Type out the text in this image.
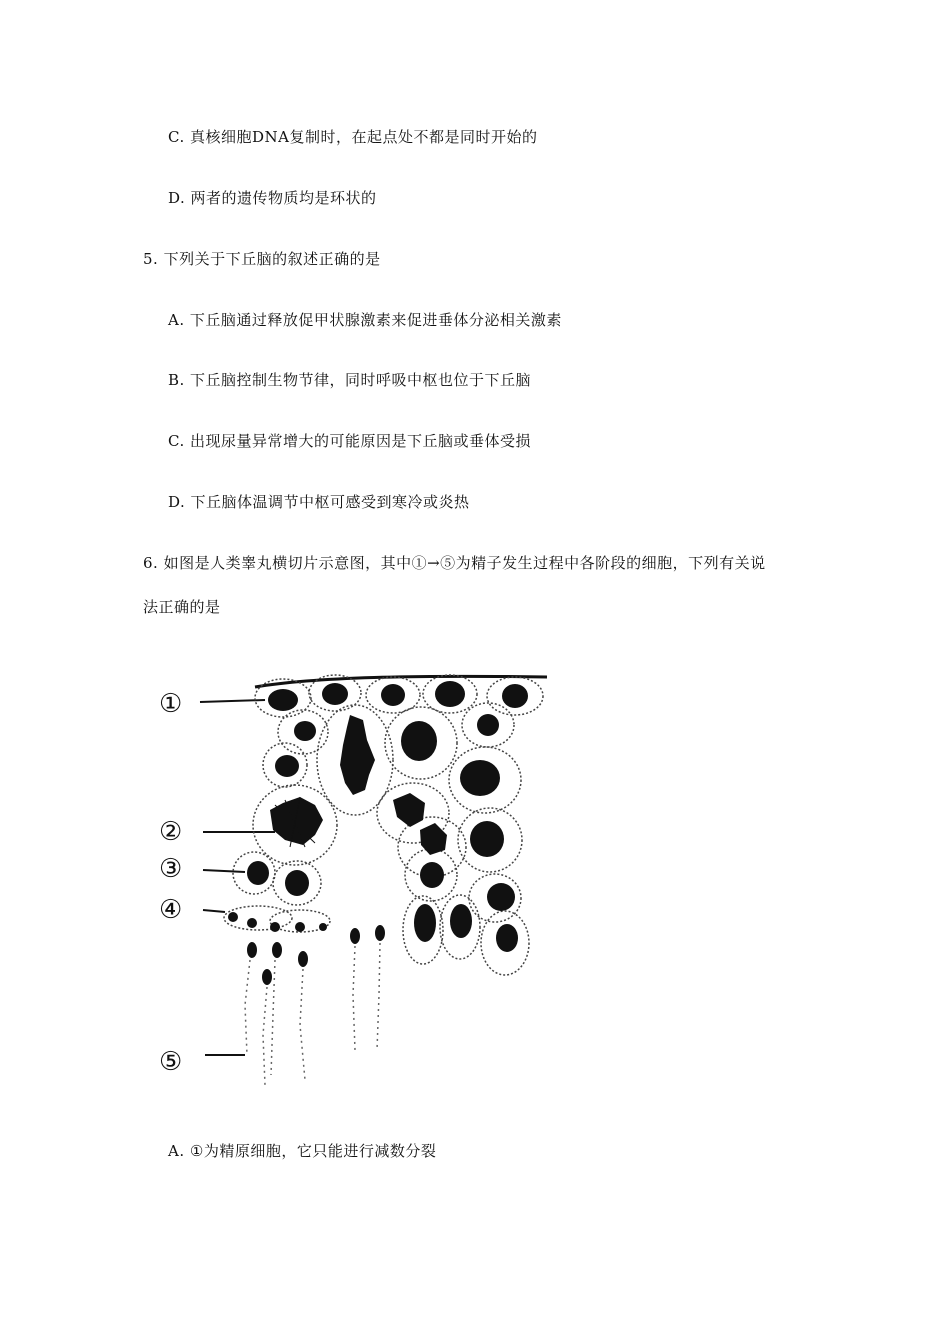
C. 真核细胞DNA复制时，在起点处不都是同时开始的
D. 两者的遗传物质均是环状的
5. 下列关于下丘脑的叙述正确的是
A. 下丘脑通过释放促甲状腺激素来促进垂体分泌相关激素
B. 下丘脑控制生物节律，同时呼吸中枢也位于下丘脑
C. 出现尿量异常增大的可能原因是下丘脑或垂体受损
D. 下丘脑体温调节中枢可感受到寒冷或炎热
6. 如图是人类睾丸横切片示意图，其中①→⑤为精子发生过程中各阶段的细胞，下列有关说
法正确的是
①
②
③
④
⑤
A. ①为精原细胞，它只能进行减数分裂
